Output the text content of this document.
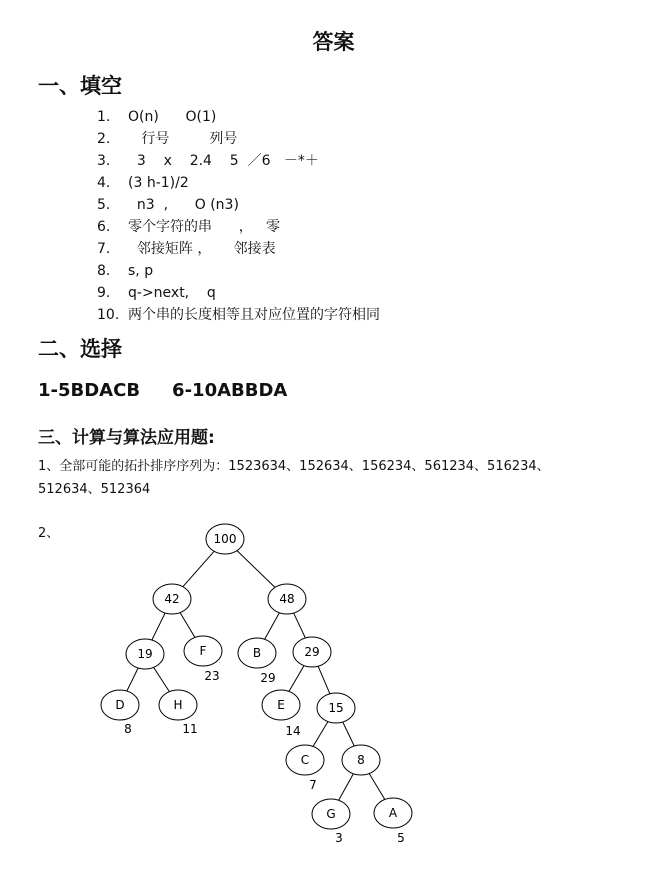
答案
一、填空
1.	O(n)      O(1)
2.	行号         列号
3.	3    x    2.4    5  ／6   －*＋
4.	(3 h-1)/2
5.	n3  ,      O (n3)
6.	零个字符的串      ，   零
7.	邻接矩阵 ，     邻接表
8.	s, p
9.	q->next,    q
10. 两个串的长度相等且对应位置的字符相同
二、选择
1-5BDACB 6-10ABBDA
三、计算与算法应用题:
1、全部可能的拓扑排序序列为：1523634、152634、156234、561234、516234、
512634、512364
2、	100
42	48
19	F	B	29
D	H	E	15
C	8
G	A
23	29
8	11	14
7
3	5
